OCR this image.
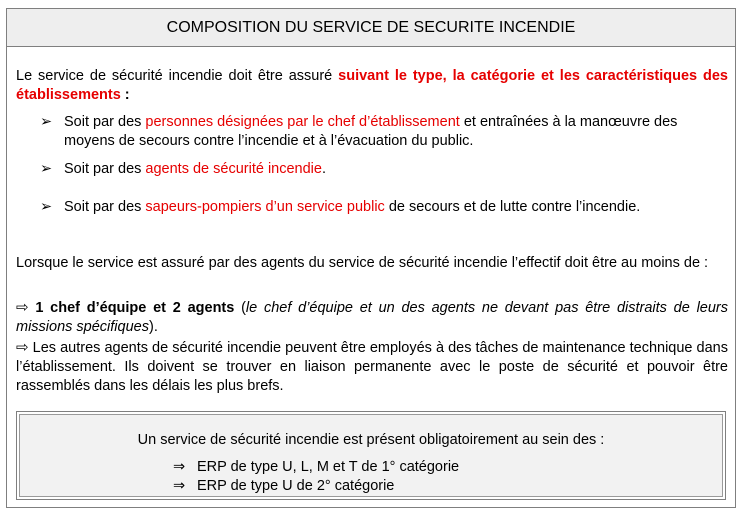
COMPOSITION DU SERVICE DE SECURITE INCENDIE
Le service de sécurité incendie doit être assuré suivant le type, la catégorie et les caractéristiques des établissements :
➢ Soit par des personnes désignées par le chef d’établissement et entraînées à la manœuvre des moyens de secours contre l’incendie et à l’évacuation du public.
➢ Soit par des agents de sécurité incendie.
➢ Soit par des sapeurs-pompiers d’un service public de secours et de lutte contre l’incendie.
Lorsque le service est assuré par des agents du service de sécurité incendie l’effectif doit être au moins de :
⇨ 1 chef d’équipe et 2 agents (le chef d’équipe et un des agents ne devant pas être distraits de leurs missions spécifiques).
⇨ Les autres agents de sécurité incendie peuvent être employés à des tâches de maintenance technique dans l’établissement. Ils doivent se trouver en liaison permanente avec le poste de sécurité et pouvoir être rassemblés dans les délais les plus brefs.
Un service de sécurité incendie est présent obligatoirement au sein des :
⇒ ERP de type U, L, M et T de 1° catégorie
⇒ ERP de type U de 2° catégorie
